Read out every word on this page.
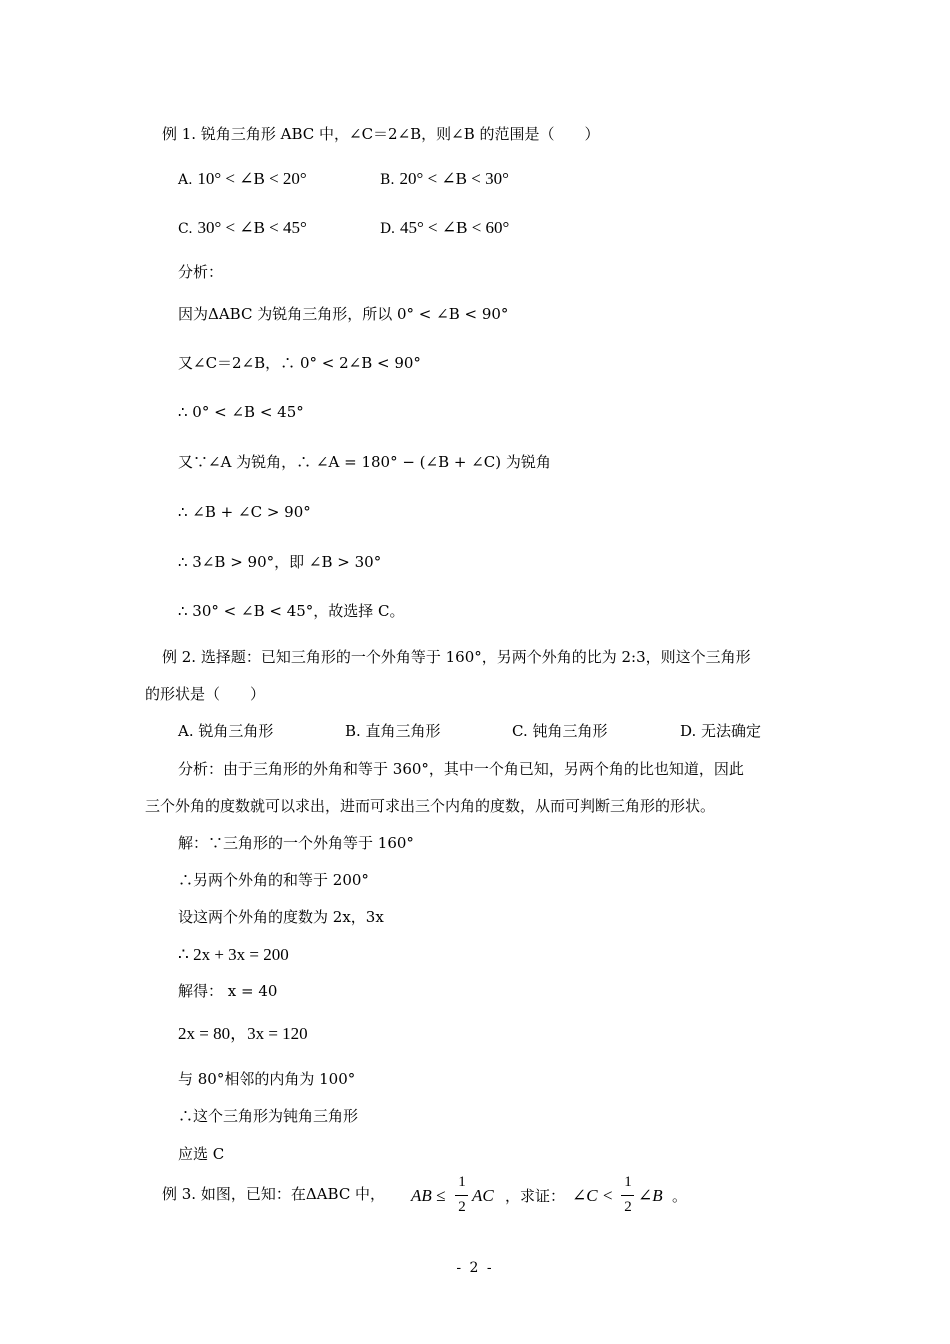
例 1. 锐角三角形 ABC 中，∠C＝2∠B，则∠B 的范围是（　　）
A. 10° < ∠B < 20°	B. 20° < ∠B < 30°
C. 30° < ∠B < 45°	D. 45° < ∠B < 60°
分析：
因为ΔABC 为锐角三角形，所以 0° < ∠B < 90°
又∠C＝2∠B，∴ 0° < 2∠B < 90°
∴ 0° < ∠B < 45°
又∵∠A 为锐角，∴ ∠A = 180° − (∠B + ∠C) 为锐角
∴ ∠B + ∠C > 90°
∴ 3∠B > 90°，即 ∠B > 30°
∴ 30° < ∠B < 45°，故选择 C。
例 2. 选择题：已知三角形的一个外角等于 160°，另两个外角的比为 2:3，则这个三角形
的形状是（　　）
A. 锐角三角形	B. 直角三角形	C. 钝角三角形	D. 无法确定
分析：由于三角形的外角和等于 360°，其中一个角已知，另两个角的比也知道，因此
三个外角的度数就可以求出，进而可求出三个内角的度数，从而可判断三角形的形状。
解：∵三角形的一个外角等于 160°
∴另两个外角的和等于 200°
设这两个外角的度数为 2x，3x
∴ 2x + 3x = 200
解得： x = 40
2x = 80，3x = 120
与 80°相邻的内角为 100°
∴这个三角形为钝角三角形
应选 C
例 3. 如图，已知：在ΔABC 中， AB ≤
1
2
AC ，求证： ∠C <
1
2
∠B 。
- 2 -
